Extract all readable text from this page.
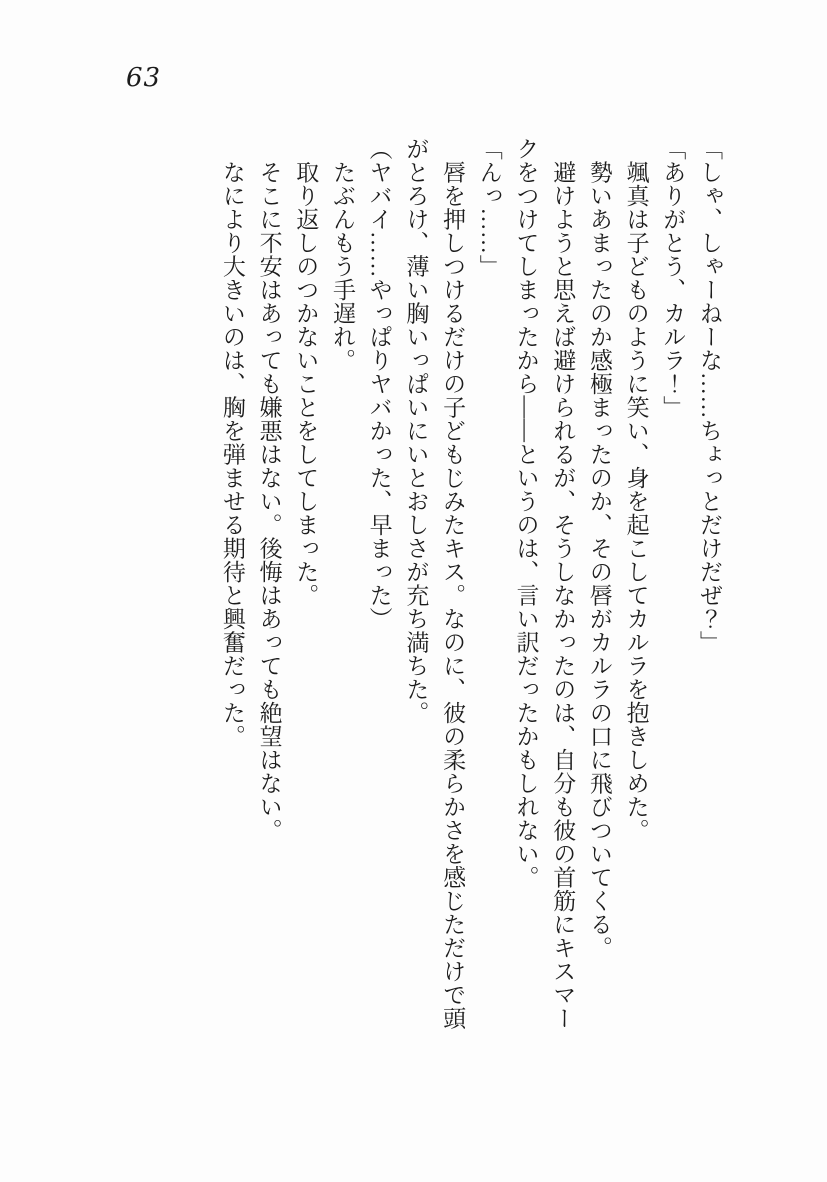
63

「しゃ、しゃーねーな……ちょっとだけだぜ？」

「ありがとう、カルラ！」

　颯真は子どものように笑い、身を起こしてカルラを抱きしめた。

　勢いあまったのか感極まったのか、その唇がカルラの口に飛びついてくる。

　避けようと思えば避けられるが、そうしなかったのは、自分も彼の首筋にキスマークをつけてしまったから——というのは、言い訳だったかもしれない。

「んっ……」

　唇を押しつけるだけの子どもじみたキス。なのに、彼の柔らかさを感じただけで頭がとろけ、薄い胸いっぱいにいとおしさが充ち満ちた。

（ヤバイ……やっぱりヤバかった、早まった）

　たぶんもう手遅れ。

　取り返しのつかないことをしてしまった。

　そこに不安はあっても嫌悪はない。後悔はあっても絶望はない。

　なにより大きいのは、胸を弾ませる期待と興奮だった。
